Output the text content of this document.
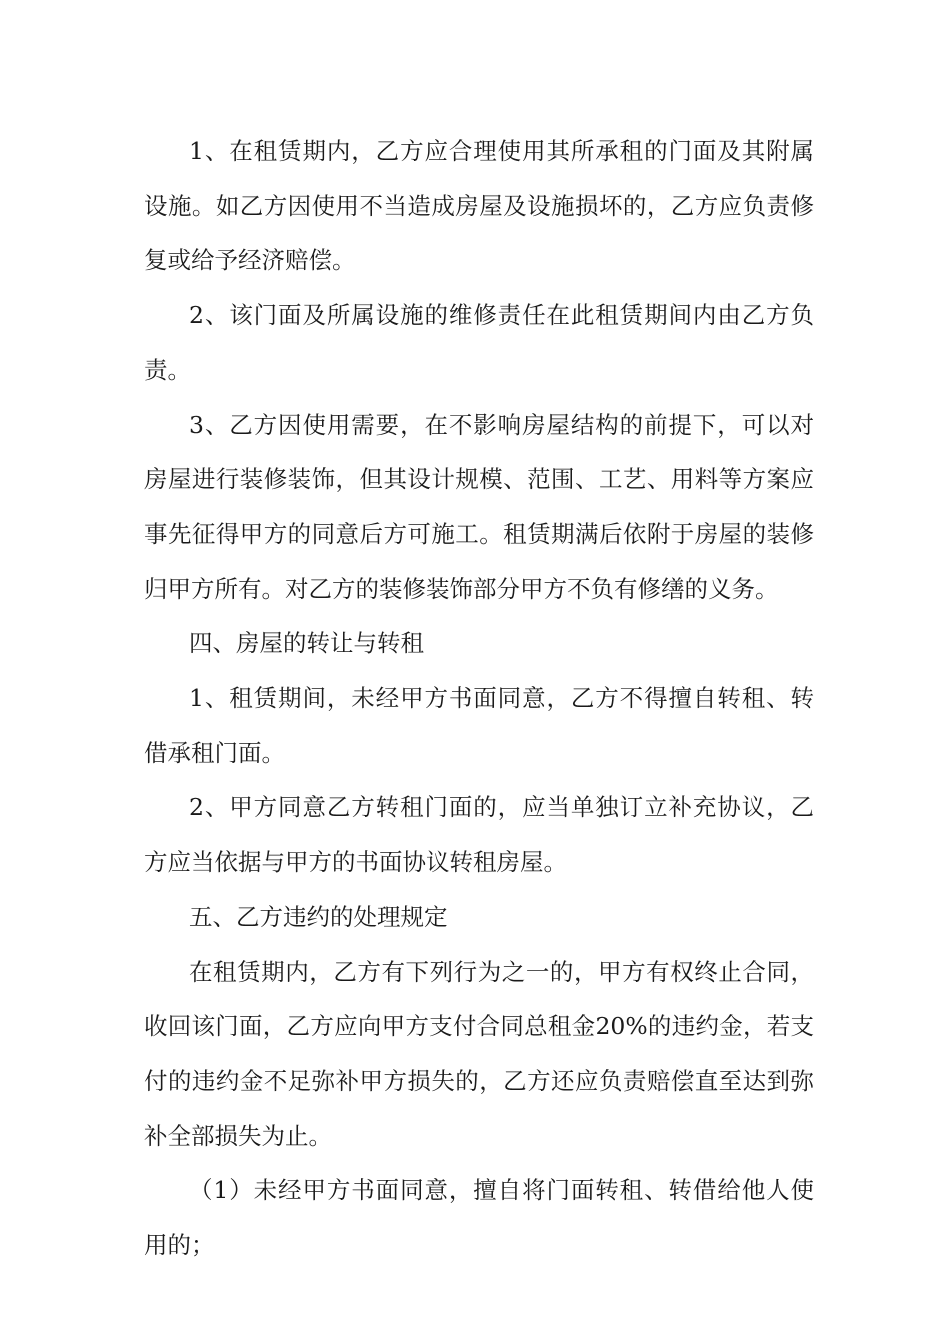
1、在租赁期内，乙方应合理使用其所承租的门面及其附属设施。如乙方因使用不当造成房屋及设施损坏的，乙方应负责修复或给予经济赔偿。

2、该门面及所属设施的维修责任在此租赁期间内由乙方负责。

3、乙方因使用需要，在不影响房屋结构的前提下，可以对房屋进行装修装饰，但其设计规模、范围、工艺、用料等方案应事先征得甲方的同意后方可施工。租赁期满后依附于房屋的装修归甲方所有。对乙方的装修装饰部分甲方不负有修缮的义务。

四、房屋的转让与转租

1、租赁期间，未经甲方书面同意，乙方不得擅自转租、转借承租门面。

2、甲方同意乙方转租门面的，应当单独订立补充协议，乙方应当依据与甲方的书面协议转租房屋。

五、乙方违约的处理规定

在租赁期内，乙方有下列行为之一的，甲方有权终止合同，收回该门面，乙方应向甲方支付合同总租金20%的违约金，若支付的违约金不足弥补甲方损失的，乙方还应负责赔偿直至达到弥补全部损失为止。

（1）未经甲方书面同意，擅自将门面转租、转借给他人使用的；
